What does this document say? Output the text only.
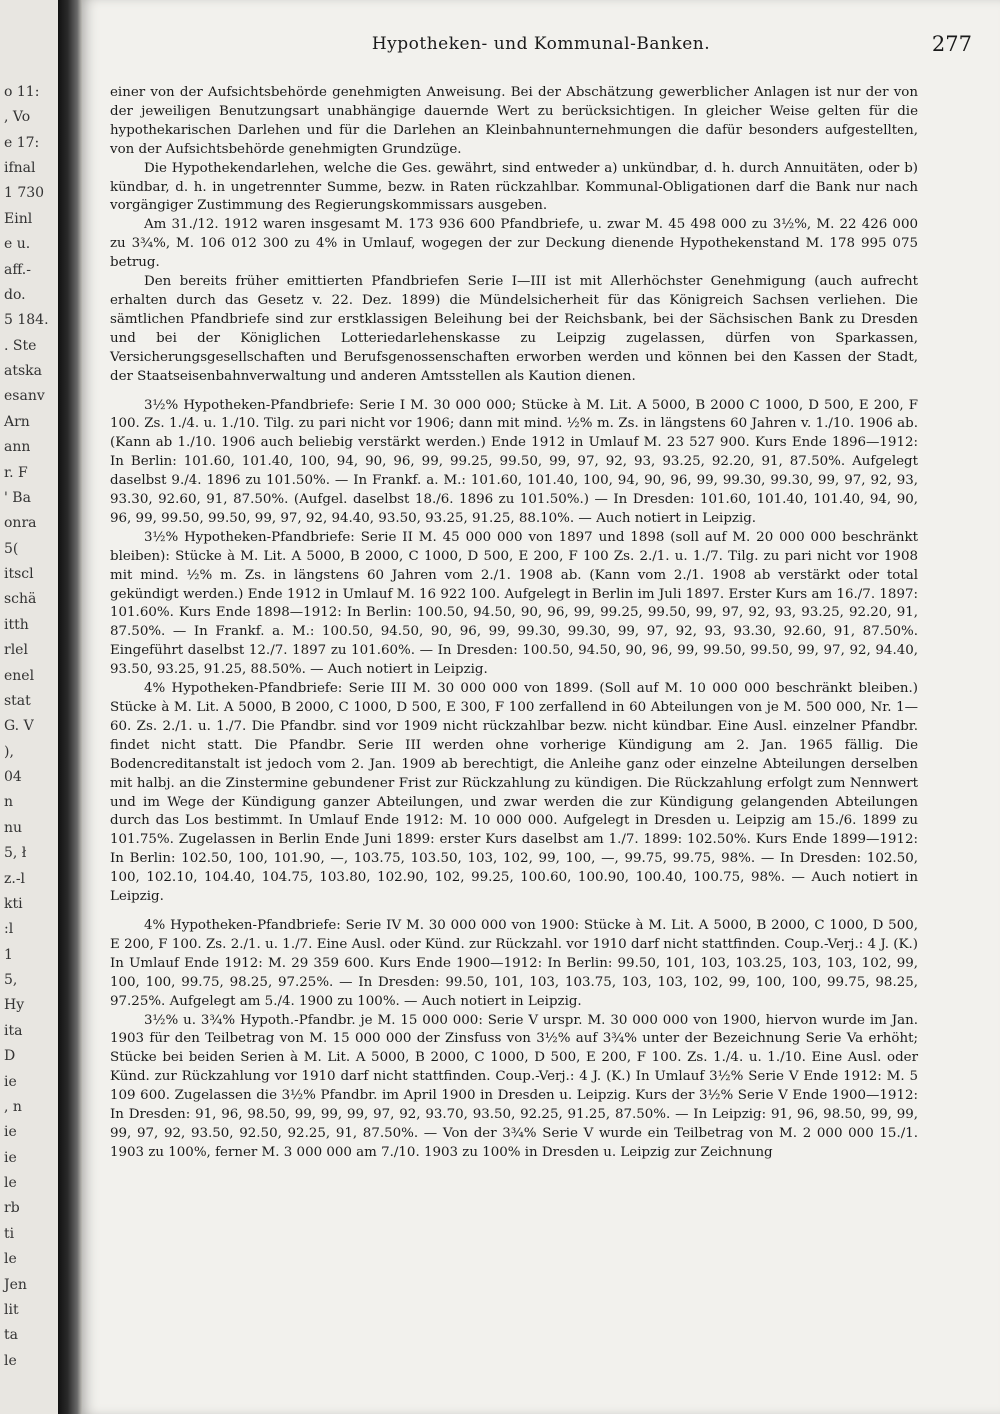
o 11:
, Vo
e 17:
ifnal
1 730
Einl
e u.
aff.-
do.
5 184.
. Ste
atska
esanv
Arn
ann
r. F
' Ba
onra
5(
itscl
schä
itth
rlel
enel
stat
G. V
),
04
n
nu
5, ł
z.-l
kti
:l
1
5,
Hy
ita
D
ie
, n
ie
ie
le
rb
ti
le
Jen
lit
ta
le
Hypotheken- und Kommunal-Banken.	277

einer von der Aufsichtsbehörde genehmigten Anweisung. Bei der Abschätzung gewerblicher Anlagen ist nur der von der jeweiligen Benutzungsart unabhängige dauernde Wert zu berücksichtigen. In gleicher Weise gelten für die hypothekarischen Darlehen und für die Darlehen an Kleinbahnunternehmungen die dafür besonders aufgestellten, von der Aufsichtsbehörde genehmigten Grundzüge.

Die Hypothekendarlehen, welche die Ges. gewährt, sind entweder a) unkündbar, d. h. durch Annuitäten, oder b) kündbar, d. h. in ungetrennter Summe, bezw. in Raten rückzahlbar. Kommunal-Obligationen darf die Bank nur nach vorgängiger Zustimmung des Regierungskommissars ausgeben.

Am 31./12. 1912 waren insgesamt M. 173 936 600 Pfandbriefe, u. zwar M. 45 498 000 zu 3½%, M. 22 426 000 zu 3¾%, M. 106 012 300 zu 4% in Umlauf, wogegen der zur Deckung dienende Hypothekenstand M. 178 995 075 betrug.

Den bereits früher emittierten Pfandbriefen Serie I—III ist mit Allerhöchster Genehmigung (auch aufrecht erhalten durch das Gesetz v. 22. Dez. 1899) die Mündelsicherheit für das Königreich Sachsen verliehen. Die sämtlichen Pfandbriefe sind zur erstklassigen Beleihung bei der Reichsbank, bei der Sächsischen Bank zu Dresden und bei der Königlichen Lotteriedarlehenskasse zu Leipzig zugelassen, dürfen von Sparkassen, Versicherungsgesellschaften und Berufsgenossenschaften erworben werden und können bei den Kassen der Stadt, der Staatseisenbahnverwaltung und anderen Amtsstellen als Kaution dienen.

3½% Hypotheken-Pfandbriefe: Serie I M. 30 000 000; Stücke à M. Lit. A 5000, B 2000 C 1000, D 500, E 200, F 100. Zs. 1./4. u. 1./10. Tilg. zu pari nicht vor 1906; dann mit mind. ½% m. Zs. in längstens 60 Jahren v. 1./10. 1906 ab. (Kann ab 1./10. 1906 auch beliebig verstärkt werden.) Ende 1912 in Umlauf M. 23 527 900. Kurs Ende 1896—1912: In Berlin: 101.60, 101.40, 100, 94, 90, 96, 99, 99.25, 99.50, 99, 97, 92, 93, 93.25, 92.20, 91, 87.50%. Aufgelegt daselbst 9./4. 1896 zu 101.50%. — In Frankf. a. M.: 101.60, 101.40, 100, 94, 90, 96, 99, 99.30, 99.30, 99, 97, 92, 93, 93.30, 92.60, 91, 87.50%. (Aufgel. daselbst 18./6. 1896 zu 101.50%.) — In Dresden: 101.60, 101.40, 101.40, 94, 90, 96, 99, 99.50, 99.50, 99, 97, 92, 94.40, 93.50, 93.25, 91.25, 88.10%. — Auch notiert in Leipzig.

3½% Hypotheken-Pfandbriefe: Serie II M. 45 000 000 von 1897 und 1898 (soll auf M. 20 000 000 beschränkt bleiben): Stücke à M. Lit. A 5000, B 2000, C 1000, D 500, E 200, F 100 Zs. 2./1. u. 1./7. Tilg. zu pari nicht vor 1908 mit mind. ½% m. Zs. in längstens 60 Jahren vom 2./1. 1908 ab. (Kann vom 2./1. 1908 ab verstärkt oder total gekündigt werden.) Ende 1912 in Umlauf M. 16 922 100. Aufgelegt in Berlin im Juli 1897. Erster Kurs am 16./7. 1897: 101.60%. Kurs Ende 1898—1912: In Berlin: 100.50, 94.50, 90, 96, 99, 99.25, 99.50, 99, 97, 92, 93, 93.25, 92.20, 91, 87.50%. — In Frankf. a. M.: 100.50, 94.50, 90, 96, 99, 99.30, 99.30, 99, 97, 92, 93, 93.30, 92.60, 91, 87.50%. Eingeführt daselbst 12./7. 1897 zu 101.60%. — In Dresden: 100.50, 94.50, 90, 96, 99, 99.50, 99.50, 99, 97, 92, 94.40, 93.50, 93.25, 91.25, 88.50%. — Auch notiert in Leipzig.

4% Hypotheken-Pfandbriefe: Serie III M. 30 000 000 von 1899. (Soll auf M. 10 000 000 beschränkt bleiben.) Stücke à M. Lit. A 5000, B 2000, C 1000, D 500, E 300, F 100 zerfallend in 60 Abteilungen von je M. 500 000, Nr. 1—60. Zs. 2./1. u. 1./7. Die Pfandbr. sind vor 1909 nicht rückzahlbar bezw. nicht kündbar. Eine Ausl. einzelner Pfandbr. findet nicht statt. Die Pfandbr. Serie III werden ohne vorherige Kündigung am 2. Jan. 1965 fällig. Die Bodencreditanstalt ist jedoch vom 2. Jan. 1909 ab berechtigt, die Anleihe ganz oder einzelne Abteilungen derselben mit halbj. an die Zinstermine gebundener Frist zur Rückzahlung zu kündigen. Die Rückzahlung erfolgt zum Nennwert und im Wege der Kündigung ganzer Abteilungen, und zwar werden die zur Kündigung gelangenden Abteilungen durch das Los bestimmt. In Umlauf Ende 1912: M. 10 000 000. Aufgelegt in Dresden u. Leipzig am 15./6. 1899 zu 101.75%. Zugelassen in Berlin Ende Juni 1899: erster Kurs daselbst am 1./7. 1899: 102.50%. Kurs Ende 1899—1912: In Berlin: 102.50, 100, 101.90, —, 103.75, 103.50, 103, 102, 99, 100, —, 99.75, 99.75, 98%. — In Dresden: 102.50, 100, 102.10, 104.40, 104.75, 103.80, 102.90, 102, 99.25, 100.60, 100.90, 100.40, 100.75, 98%. — Auch notiert in Leipzig.

4% Hypotheken-Pfandbriefe: Serie IV M. 30 000 000 von 1900: Stücke à M. Lit. A 5000, B 2000, C 1000, D 500, E 200, F 100. Zs. 2./1. u. 1./7. Eine Ausl. oder Künd. zur Rückzahl. vor 1910 darf nicht stattfinden. Coup.-Verj.: 4 J. (K.) In Umlauf Ende 1912: M. 29 359 600. Kurs Ende 1900—1912: In Berlin: 99.50, 101, 103, 103.25, 103, 103, 102, 99, 100, 100, 99.75, 98.25, 97.25%. — In Dresden: 99.50, 101, 103, 103.75, 103, 103, 102, 99, 100, 100, 99.75, 98.25, 97.25%. Aufgelegt am 5./4. 1900 zu 100%. — Auch notiert in Leipzig.

3½% u. 3¾% Hypoth.-Pfandbr. je M. 15 000 000: Serie V urspr. M. 30 000 000 von 1900, hiervon wurde im Jan. 1903 für den Teilbetrag von M. 15 000 000 der Zinsfuss von 3½% auf 3¾% unter der Bezeichnung Serie Va erhöht; Stücke bei beiden Serien à M. Lit. A 5000, B 2000, C 1000, D 500, E 200, F 100. Zs. 1./4. u. 1./10. Eine Ausl. oder Künd. zur Rückzahlung vor 1910 darf nicht stattfinden. Coup.-Verj.: 4 J. (K.) In Umlauf 3½% Serie V Ende 1912: M. 5 109 600. Zugelassen die 3½% Pfandbr. im April 1900 in Dresden u. Leipzig. Kurs der 3½% Serie V Ende 1900—1912: In Dresden: 91, 96, 98.50, 99, 99, 99, 97, 92, 93.70, 93.50, 92.25, 91.25, 87.50%. — In Leipzig: 91, 96, 98.50, 99, 99, 99, 97, 92, 93.50, 92.50, 92.25, 91, 87.50%. — Von der 3¾% Serie V wurde ein Teilbetrag von M. 2 000 000 15./1. 1903 zu 100%, ferner M. 3 000 000 am 7./10. 1903 zu 100% in Dresden u. Leipzig zur Zeichnung
